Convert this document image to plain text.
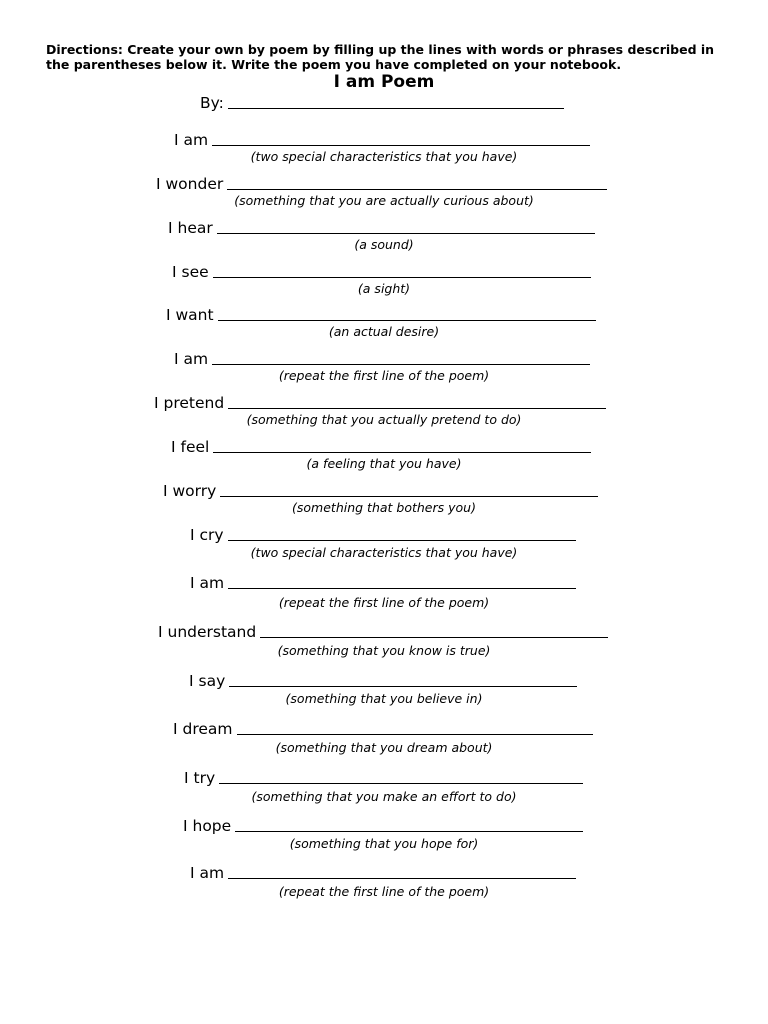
Directions: Create your own by poem by filling up the lines with words or phrases described in the parentheses below it. Write the poem you have completed on your notebook.

I am Poem
By:
I am

(two special characteristics that you have)

I wonder

(something that you are actually curious about)

I hear

(a sound)

I see

(a sight)

I want

(an actual desire)

I am

(repeat the first line of the poem)

I pretend

(something that you actually pretend to do)

I feel

(a feeling that you have)

I worry

(something that bothers you)

I cry

(two special characteristics that you have)

I am

(repeat the first line of the poem)

I understand

(something that you know is true)

I say

(something that you believe in)

I dream

(something that you dream about)

I try

(something that you make an effort to do)

I hope

(something that you hope for)

I am

(repeat the first line of the poem)
